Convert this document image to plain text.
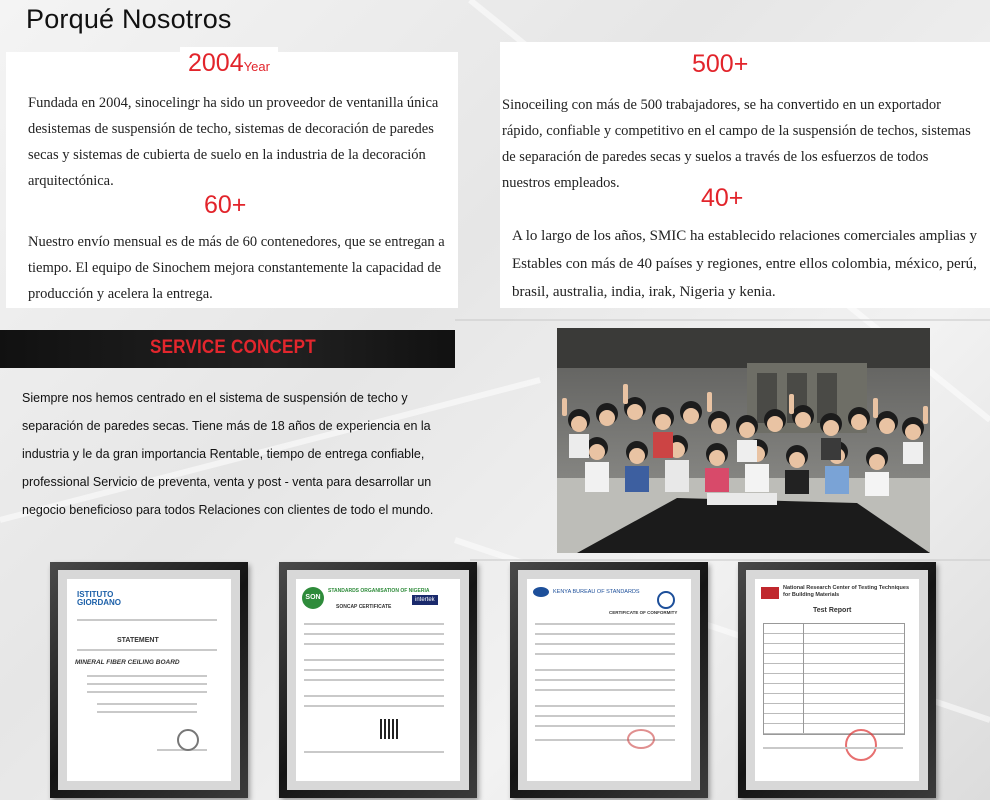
Porqué Nosotros
2004Year
Fundada en 2004, sinocelingr ha sido un proveedor de ventanilla única desistemas de suspensión de techo, sistemas de decoración de paredes secas y sistemas de cubierta de suelo en la industria de la decoración arquitectónica.
60+
Nuestro envío mensual es de más de 60 contenedores, que se entregan a tiempo. El equipo de Sinochem mejora constantemente la capacidad de producción y acelera la entrega.
500+
Sinoceiling con más de 500 trabajadores, se ha convertido en un exportador rápido, confiable y competitivo en el campo de la suspensión de techos, sistemas de separación de paredes secas y suelos a través de los esfuerzos de todos nuestros empleados.
40+
A lo largo de los años, SMIC ha establecido relaciones comerciales amplias y Estables con más de 40 países y regiones, entre ellos colombia, méxico, perú, brasil, australia, india, irak, Nigeria y kenia.
SERVICE CONCEPT
Siempre nos hemos centrado en el sistema de suspensión de techo y separación de paredes secas. Tiene más de 18 años de experiencia en la industria y le da gran importancia Rentable, tiempo de entrega confiable, professional Servicio de preventa, venta y post - venta para desarrollar un negocio beneficioso para todos Relaciones con clientes de todo el mundo.
ISTITUTO GIORDANO
STATEMENT
MINERAL FIBER CEILING BOARD
SON
STANDARDS ORGANISATION OF NIGERIA
intertek
SONCAP CERTIFICATE
KENYA BUREAU OF STANDARDS
CERTIFICATE OF CONFORMITY
National Research Center of Testing Techniques for Building Materials
Test Report
